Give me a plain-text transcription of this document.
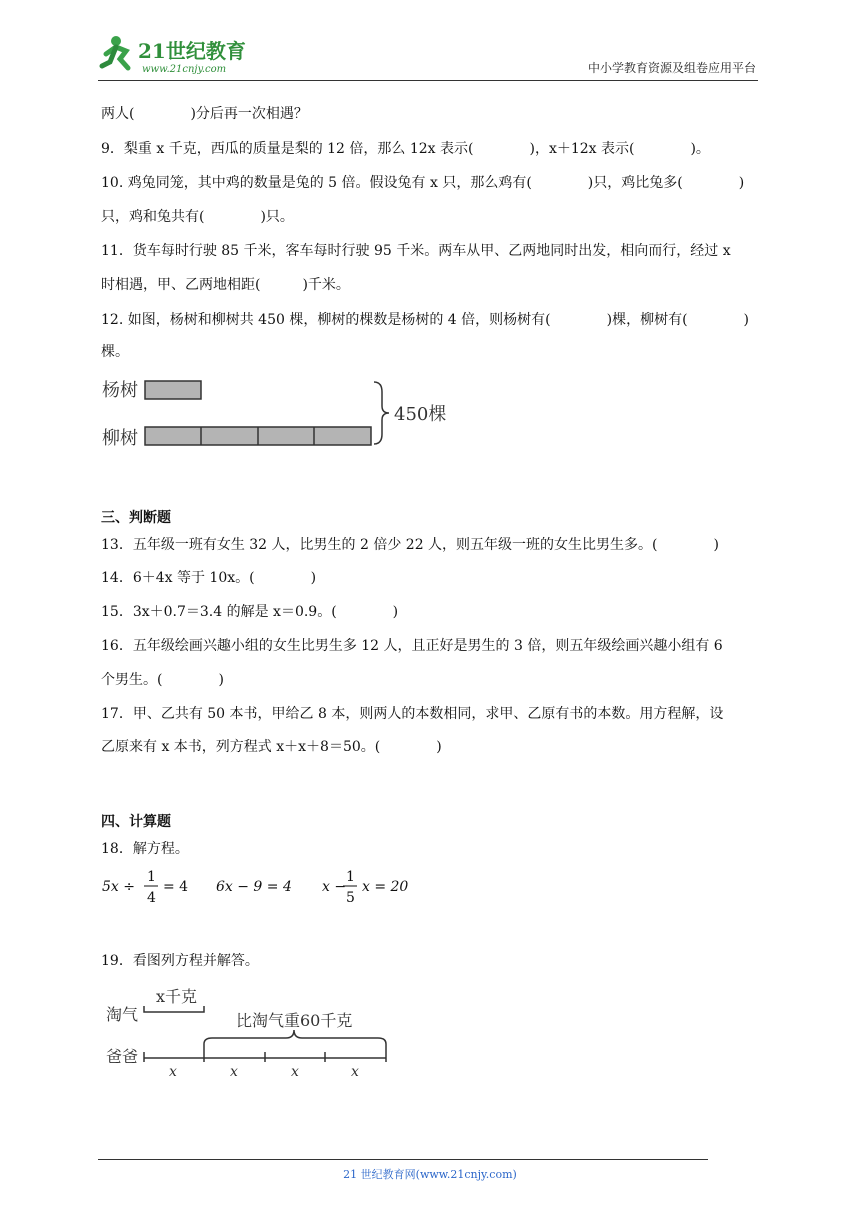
21世纪教育
www.21cnjy.com	中小学教育资源及组卷应用平台
两人(　　　　)分后再一次相遇？
9．梨重 x 千克，西瓜的质量是梨的 12 倍，那么 12x 表示(　　　　)，x＋12x 表示(　　　　)。
10. 鸡兔同笼，其中鸡的数量是兔的 5 倍。假设兔有 x 只，那么鸡有(　　　　)只，鸡比兔多(　　　　)
只，鸡和兔共有(　　　　)只。
11．货车每时行驶 85 千米，客车每时行驶 95 千米。两车从甲、乙两地同时出发，相向而行，经过 x
时相遇，甲、乙两地相距(　　　)千米。
12. 如图，杨树和柳树共 450 棵，柳树的棵数是杨树的 4 倍，则杨树有(　　　　)棵，柳树有(　　　　)
棵。
杨树
柳树
450棵
三、判断题
13．五年级一班有女生 32 人，比男生的 2 倍少 22 人，则五年级一班的女生比男生多。(　　　　)
14．6＋4x 等于 10x。(　　　　)
15．3x＋0.7＝3.4 的解是 x＝0.9。(　　　　)
16．五年级绘画兴趣小组的女生比男生多 12 人，且正好是男生的 3 倍，则五年级绘画兴趣小组有 6
个男生。(　　　　)
17．甲、乙共有 50 本书，甲给乙 8 本，则两人的本数相同，求甲、乙原有书的本数。用方程解，设
乙原来有 x 本书，列方程式 x＋x＋8＝50。(　　　　)
四、计算题
18．解方程。
5x ÷
1
4
= 4 6x − 9 = 4 x −
1
5
x = 20
19．看图列方程并解答。
x千克
淘气	比淘气重60千克
爸爸
x	x	x	x
21 世纪教育网(www.21cnjy.com)
